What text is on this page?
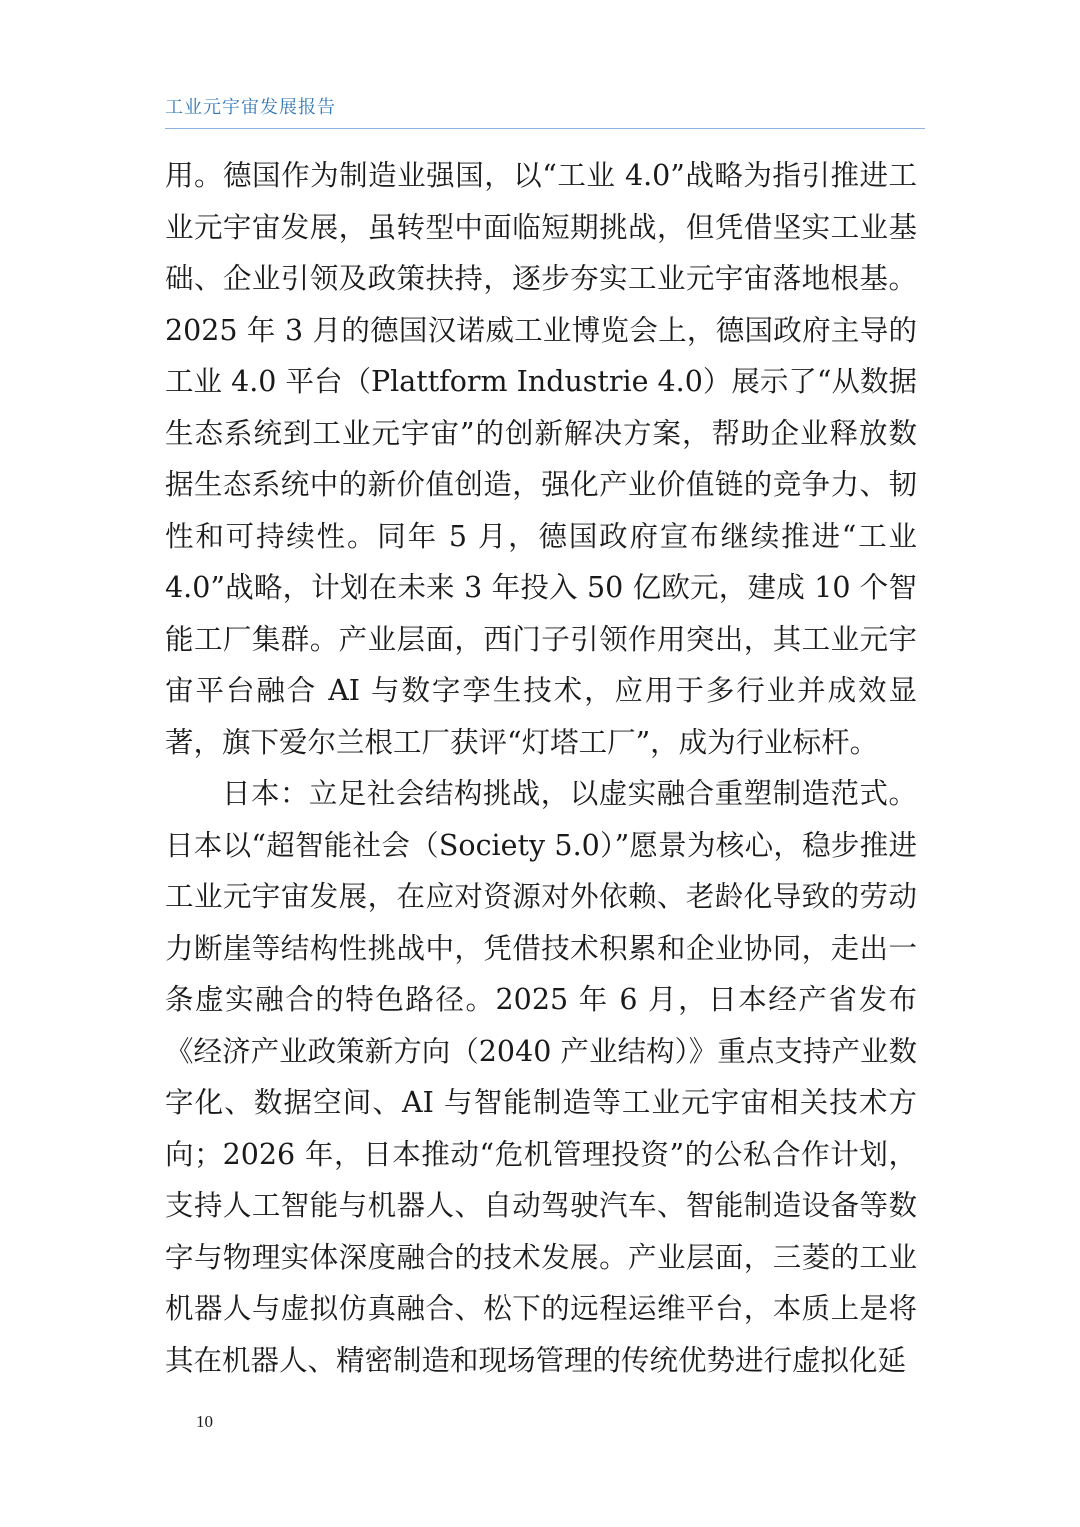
工业元宇宙发展报告

用。德国作为制造业强国，以“工业 4.0”战略为指引推进工业元宇宙发展，虽转型中面临短期挑战，但凭借坚实工业基础、企业引领及政策扶持，逐步夯实工业元宇宙落地根基。2025 年 3 月的德国汉诺威工业博览会上，德国政府主导的工业 4.0 平台（Plattform Industrie 4.0）展示了“从数据生态系统到工业元宇宙”的创新解决方案，帮助企业释放数据生态系统中的新价值创造，强化产业价值链的竞争力、韧性和可持续性。同年 5 月，德国政府宣布继续推进“工业 4.0”战略，计划在未来 3 年投入 50 亿欧元，建成 10 个智能工厂集群。产业层面，西门子引领作用突出，其工业元宇宙平台融合 AI 与数字孪生技术，应用于多行业并成效显著，旗下爱尔兰根工厂获评“灯塔工厂”，成为行业标杆。

日本：立足社会结构挑战，以虚实融合重塑制造范式。日本以“超智能社会（Society 5.0）”愿景为核心，稳步推进工业元宇宙发展，在应对资源对外依赖、老龄化导致的劳动力断崖等结构性挑战中，凭借技术积累和企业协同，走出一条虚实融合的特色路径。2025 年 6 月，日本经产省发布《经济产业政策新方向（2040 产业结构）》重点支持产业数字化、数据空间、AI 与智能制造等工业元宇宙相关技术方向；2026 年，日本推动“危机管理投资”的公私合作计划，支持人工智能与机器人、自动驾驶汽车、智能制造设备等数字与物理实体深度融合的技术发展。产业层面，三菱的工业机器人与虚拟仿真融合、松下的远程运维平台，本质上是将其在机器人、精密制造和现场管理的传统优势进行虚拟化延

10
